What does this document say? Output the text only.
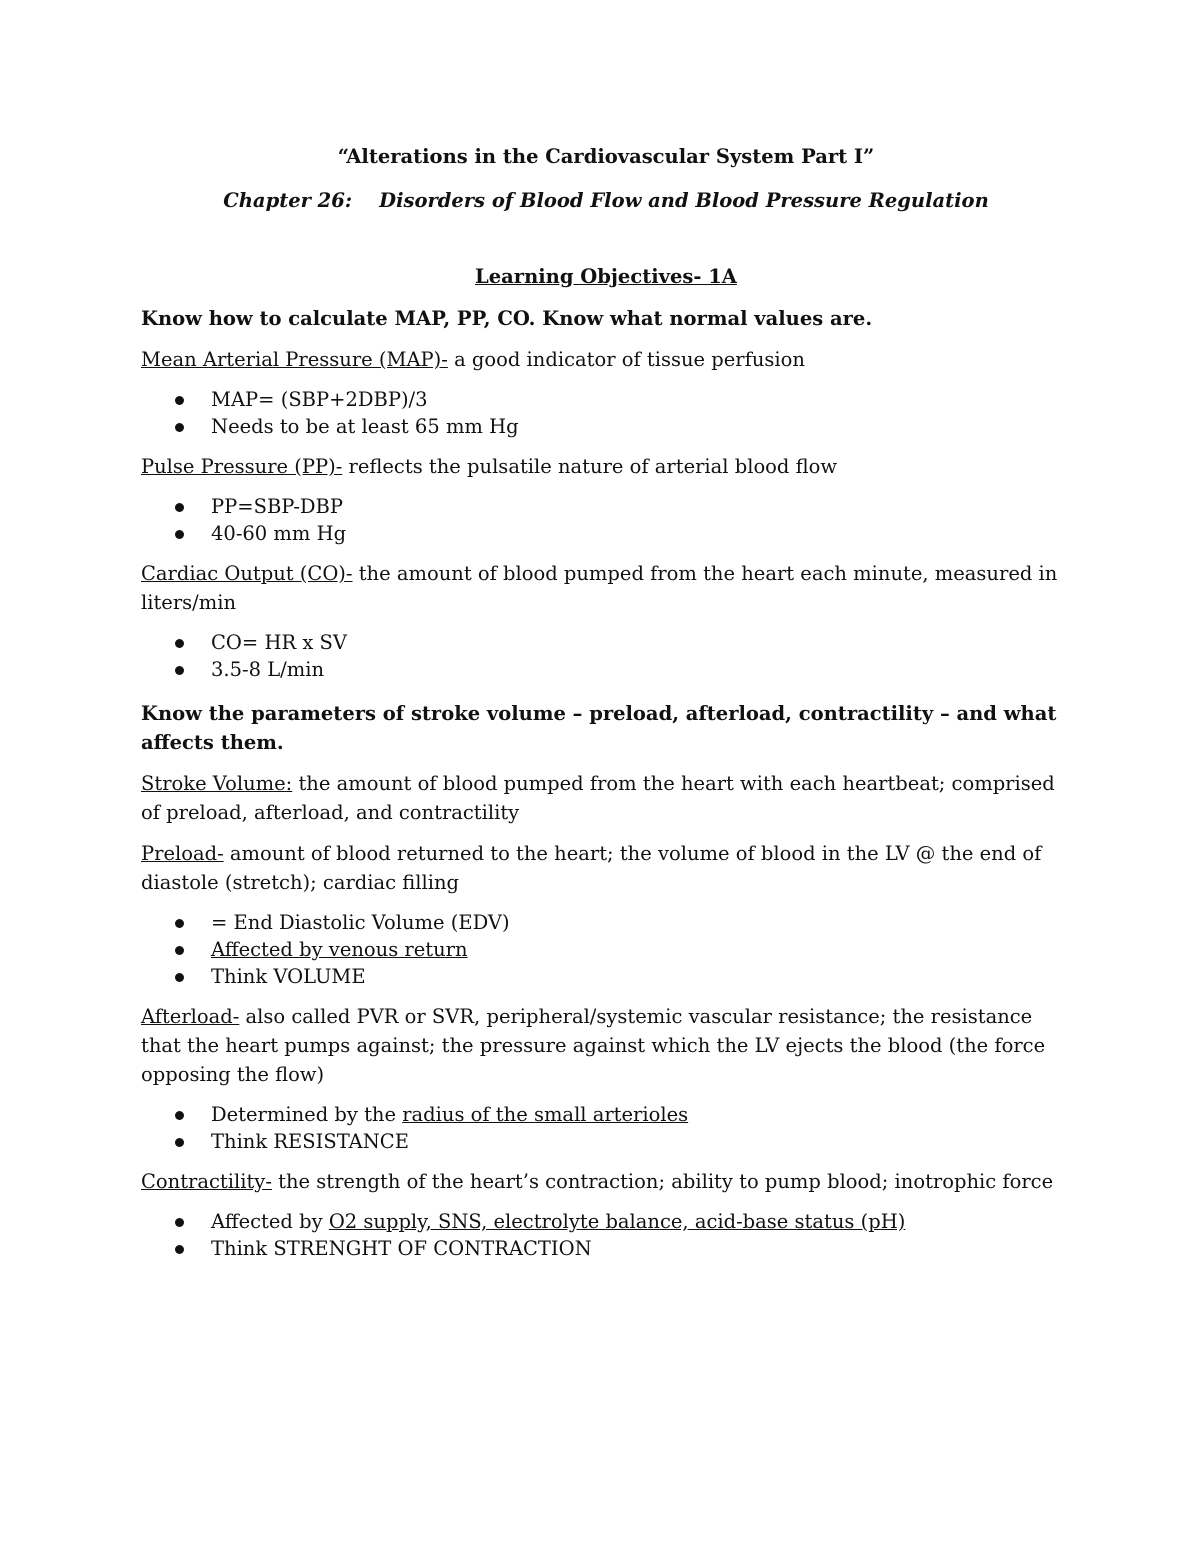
“Alterations in the Cardiovascular System Part I”
Chapter 26:    Disorders of Blood Flow and Blood Pressure Regulation
Learning Objectives- 1A
Know how to calculate MAP, PP, CO. Know what normal values are.
Mean Arterial Pressure (MAP)- a good indicator of tissue perfusion
MAP= (SBP+2DBP)/3
Needs to be at least 65 mm Hg
Pulse Pressure (PP)- reflects the pulsatile nature of arterial blood flow
PP=SBP-DBP
40-60 mm Hg
Cardiac Output (CO)- the amount of blood pumped from the heart each minute, measured in liters/min
CO= HR x SV
3.5-8 L/min
Know the parameters of stroke volume – preload, afterload, contractility – and what affects them.
Stroke Volume: the amount of blood pumped from the heart with each heartbeat; comprised of preload, afterload, and contractility
Preload- amount of blood returned to the heart; the volume of blood in the LV @ the end of diastole (stretch); cardiac filling
= End Diastolic Volume (EDV)
Affected by venous return
Think VOLUME
Afterload- also called PVR or SVR, peripheral/systemic vascular resistance; the resistance that the heart pumps against; the pressure against which the LV ejects the blood (the force opposing the flow)
Determined by the radius of the small arterioles
Think RESISTANCE
Contractility- the strength of the heart’s contraction; ability to pump blood; inotrophic force
Affected by O2 supply, SNS, electrolyte balance, acid-base status (pH)
Think STRENGHT OF CONTRACTION
